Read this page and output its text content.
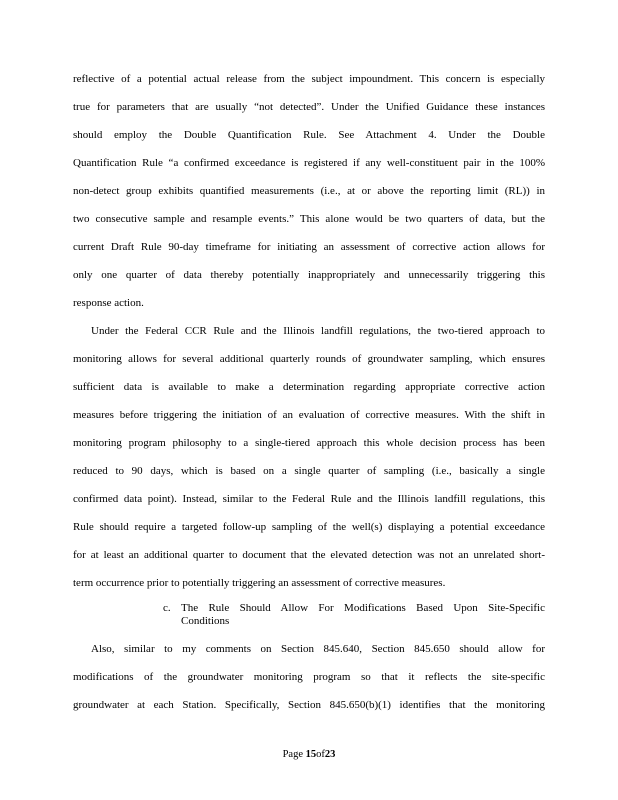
reflective of a potential actual release from the subject impoundment. This concern is especially
true for parameters that are usually “not detected”. Under the Unified Guidance these instances
should employ the Double Quantification Rule. See Attachment 4. Under the Double
Quantification Rule “a confirmed exceedance is registered if any well-constituent pair in the 100%
non-detect group exhibits quantified measurements (i.e., at or above the reporting limit (RL)) in
two consecutive sample and resample events.” This alone would be two quarters of data, but the
current Draft Rule 90-day timeframe for initiating an assessment of corrective action allows for
only one quarter of data thereby potentially inappropriately and unnecessarily triggering this
response action.
Under the Federal CCR Rule and the Illinois landfill regulations, the two-tiered approach to
monitoring allows for several additional quarterly rounds of groundwater sampling, which ensures
sufficient data is available to make a determination regarding appropriate corrective action
measures before triggering the initiation of an evaluation of corrective measures. With the shift in
monitoring program philosophy to a single-tiered approach this whole decision process has been
reduced to 90 days, which is based on a single quarter of sampling (i.e., basically a single
confirmed data point). Instead, similar to the Federal Rule and the Illinois landfill regulations, this
Rule should require a targeted follow-up sampling of the well(s) displaying a potential exceedance
for at least an additional quarter to document that the elevated detection was not an unrelated short-
term occurrence prior to potentially triggering an assessment of corrective measures.
c. The Rule Should Allow For Modifications Based Upon Site-Specific
Conditions
Also, similar to my comments on Section 845.640, Section 845.650 should allow for
modifications of the groundwater monitoring program so that it reflects the site-specific
groundwater at each Station. Specifically, Section 845.650(b)(1) identifies that the monitoring
Page 15of23
